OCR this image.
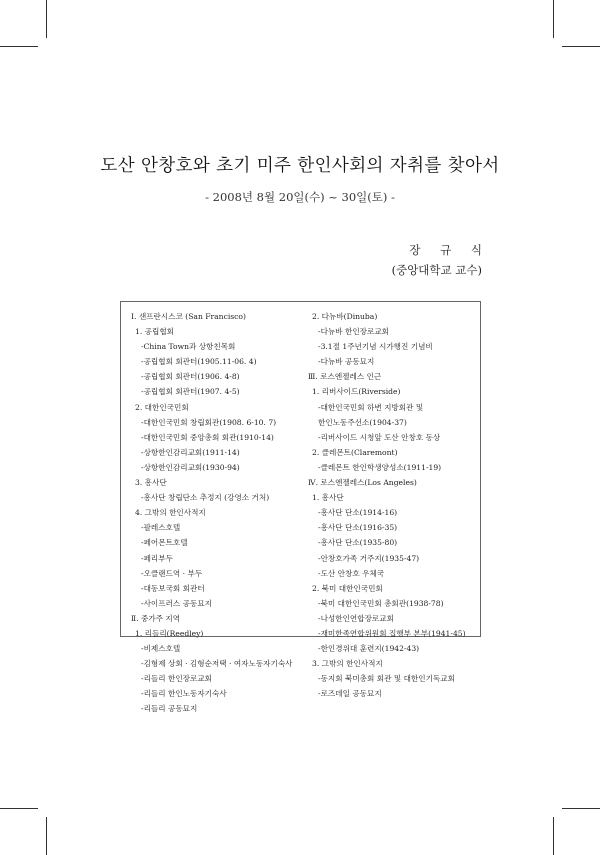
도산 안창호와 초기 미주 한인사회의 자취를 찾아서
- 2008년 8월 20일(수) ~ 30일(토) -
장 규 식
(중앙대학교 교수)
Ⅰ. 샌프란시스코 (San Francisco)
1. 공립협회
-China Town과 상항친목회
-공립협회 회관터(1905.11-06. 4)
-공립협회 회관터(1906. 4-8)
-공립협회 회관터(1907. 4-5)
2. 대한인국민회
-대한인국민회 창립회관(1908. 6-10. 7)
-대한인국민회 중앙총회 회관(1910-14)
-상항한인감리교회(1911-14)
-상항한인감리교회(1930-94)
3. 흥사단
-흥사단 창립단소 추정지 (강영소 거처)
4. 그밖의 한인사적지
-팔레스호텔
-페어몬트호텔
-페리부두
-오클랜드역 · 부두
-대동보국회 회관터
-사이프러스 공동묘지
Ⅱ. 중가주 지역
1. 리들리(Reedley)
-비제스호텔
-김형제 상회 · 김형순저택 · 여자노동자기숙사
-리들리 한인장로교회
-리들리 한인노동자기숙사
-리들리 공동묘지
2. 다뉴바(Dinuba)
-다뉴바 한인장로교회
-3.1절 1주년기념 시가행진 기념비
-다뉴바 공동묘지
Ⅲ. 로스엔젤레스 인근
1. 리버사이드(Riverside)
-대한인국민회 하변 지방회관 및
한인노동주선소(1904-37)
-리버사이드 시청앞 도산 안창호 동상
2. 클레몬트(Claremont)
-클레몬트 한인학생양성소(1911-19)
Ⅳ. 로스엔젤레스(Los Angeles)
1. 흥사단
-흥사단 단소(1914-16)
-흥사단 단소(1916-35)
-흥사단 단소(1935-80)
-안창호가족 거주지(1935-47)
-도산 안창호 우체국
2. 북미 대한인국민회
-북미 대한인국민회 총회관(1938-78)
-나성한인연합장로교회
-재미한족연합위원회 집행부 본부(1941-45)
-한인경위대 훈련지(1942-43)
3. 그밖의 한인사적지
-동지회 북미총회 회관 및 대한인기독교회
-로즈데일 공동묘지
